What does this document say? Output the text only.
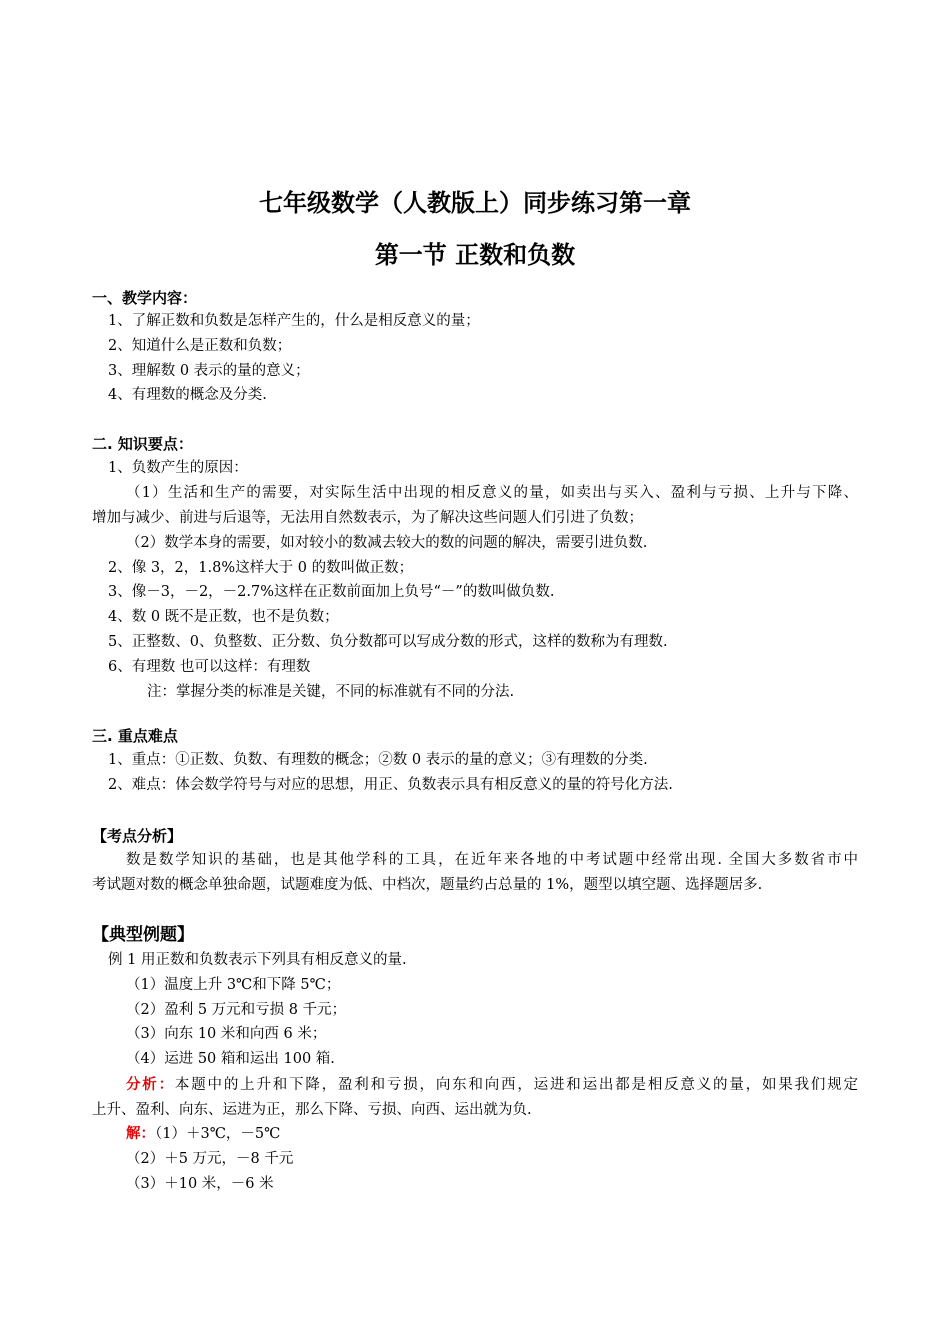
七年级数学（人教版上）同步练习第一章
第一节 正数和负数
一、教学内容：
1、了解正数和负数是怎样产生的，什么是相反意义的量；
2、知道什么是正数和负数；
3、理解数 0 表示的量的意义；
4、有理数的概念及分类.
二. 知识要点：
1、负数产生的原因：
（1）生活和生产的需要，对实际生活中出现的相反意义的量，如卖出与买入、盈利与亏损、上升与下降、
增加与减少、前进与后退等，无法用自然数表示，为了解决这些问题人们引进了负数；
（2）数学本身的需要，如对较小的数减去较大的数的问题的解决，需要引进负数.
2、像 3，2，1.8%这样大于 0 的数叫做正数；
3、像－3，－2，－2.7%这样在正数前面加上负号“－”的数叫做负数.
4、数 0 既不是正数，也不是负数；
5、正整数、0、负整数、正分数、负分数都可以写成分数的形式，这样的数称为有理数.
6、有理数 也可以这样：有理数
注：掌握分类的标准是关键，不同的标准就有不同的分法.
三. 重点难点
1、重点：①正数、负数、有理数的概念；②数 0 表示的量的意义；③有理数的分类.
2、难点：体会数学符号与对应的思想，用正、负数表示具有相反意义的量的符号化方法.
【考点分析】
数是数学知识的基础，也是其他学科的工具，在近年来各地的中考试题中经常出现. 全国大多数省市中
考试题对数的概念单独命题，试题难度为低、中档次，题量约占总量的 1%，题型以填空题、选择题居多.
【典型例题】
例 1 用正数和负数表示下列具有相反意义的量.
（1）温度上升 3℃和下降 5℃；
（2）盈利 5 万元和亏损 8 千元；
（3）向东 10 米和向西 6 米；
（4）运进 50 箱和运出 100 箱.
分析：本题中的上升和下降，盈利和亏损，向东和向西，运进和运出都是相反意义的量，如果我们规定
上升、盈利、向东、运进为正，那么下降、亏损、向西、运出就为负.
解：（1）＋3℃，－5℃
（2）＋5 万元，－8 千元
（3）＋10 米，－6 米
